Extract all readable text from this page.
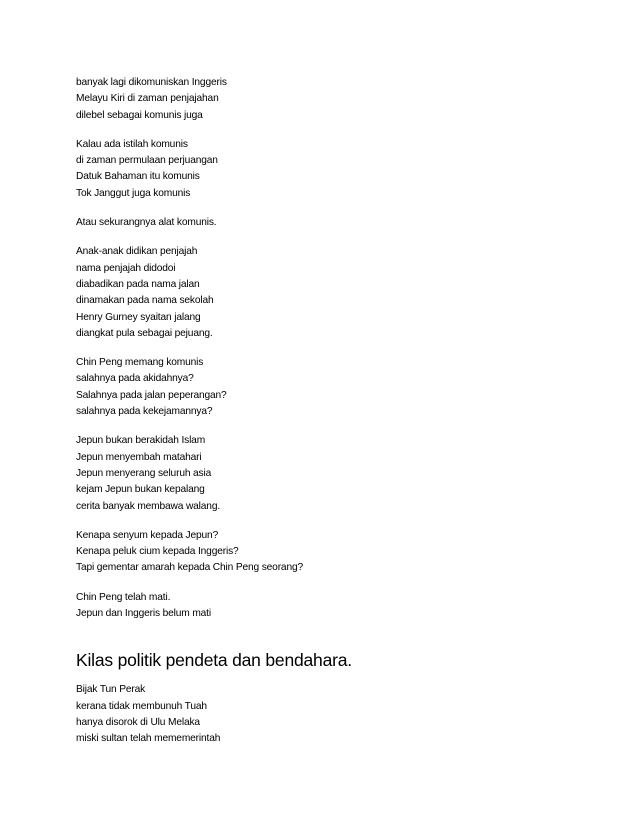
banyak lagi dikomuniskan Inggeris
Melayu Kiri di zaman penjajahan
dilebel sebagai komunis juga
Kalau ada istilah komunis
di zaman permulaan perjuangan
Datuk Bahaman itu komunis
Tok Janggut juga komunis
Atau sekurangnya alat komunis.
Anak-anak didikan penjajah
nama penjajah didodoi
diabadikan pada nama jalan
dinamakan pada nama sekolah
Henry Gurney syaitan jalang
diangkat pula sebagai pejuang.
Chin Peng memang komunis
salahnya pada akidahnya?
Salahnya pada jalan peperangan?
salahnya pada kekejamannya?
Jepun bukan berakidah Islam
Jepun menyembah matahari
Jepun menyerang seluruh asia
kejam Jepun bukan kepalang
cerita banyak membawa walang.
Kenapa senyum kepada Jepun?
Kenapa peluk cium kepada Inggeris?
Tapi gementar amarah kepada Chin Peng seorang?
Chin Peng telah mati.
Jepun dan Inggeris belum mati
Kilas politik pendeta dan bendahara.
Bijak Tun Perak
kerana tidak membunuh Tuah
hanya disorok di Ulu Melaka
miski sultan telah mememerintah
